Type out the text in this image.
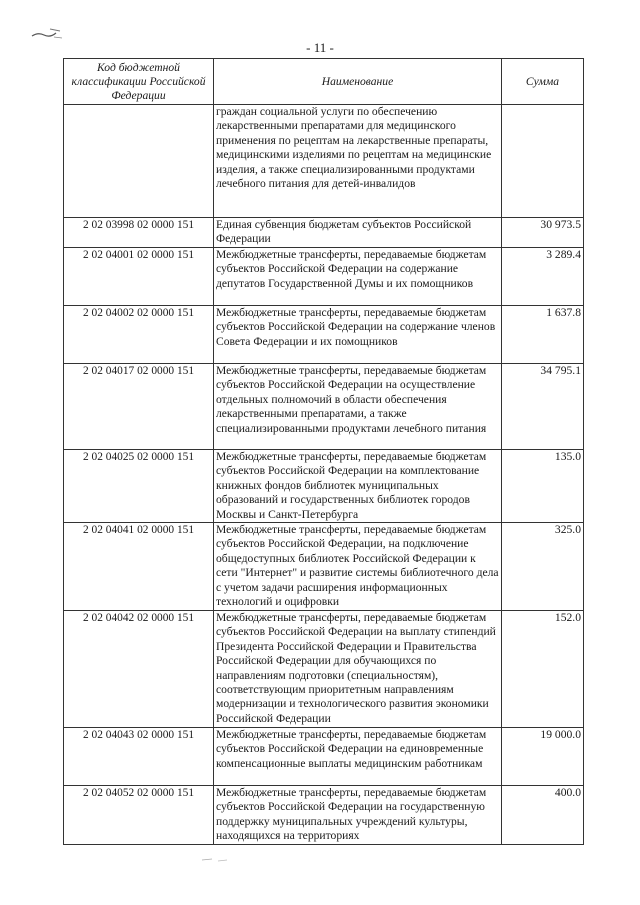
- 11 -
Код бюджетной классификации Российской Федерации	Наименование	Сумма
	граждан социальной услуги по обеспечению лекарственными препаратами для медицинского применения по рецептам на лекарственные препараты, медицинскими изделиями по рецептам на медицинские изделия, а также специализированными продуктами лечебного питания для детей-инвалидов	
2 02 03998 02 0000 151	Единая субвенция бюджетам субъектов Российской Федерации	30 973.5
2 02 04001 02 0000 151	Межбюджетные трансферты, передаваемые бюджетам субъектов Российской Федерации на содержание депутатов Государственной Думы и их помощников	3 289.4
2 02 04002 02 0000 151	Межбюджетные трансферты, передаваемые бюджетам субъектов Российской Федерации на содержание членов Совета Федерации и их помощников	1 637.8
2 02 04017 02 0000 151	Межбюджетные трансферты, передаваемые бюджетам субъектов Российской Федерации на осуществление отдельных полномочий в области обеспечения лекарственными препаратами, а также специализированными продуктами лечебного питания	34 795.1
2 02 04025 02 0000 151	Межбюджетные трансферты, передаваемые бюджетам субъектов Российской Федерации на комплектование книжных фондов библиотек муниципальных образований и государственных библиотек городов Москвы и Санкт-Петербурга	135.0
2 02 04041 02 0000 151	Межбюджетные трансферты, передаваемые бюджетам субъектов Российской Федерации, на подключение общедоступных библиотек Российской Федерации к сети "Интернет" и развитие системы библиотечного дела с учетом задачи расширения информационных технологий и оцифровки	325.0
2 02 04042 02 0000 151	Межбюджетные трансферты, передаваемые бюджетам субъектов Российской Федерации на выплату стипендий Президента Российской Федерации и Правительства Российской Федерации для обучающихся по направлениям подготовки (специальностям), соответствующим приоритетным направлениям модернизации и технологического развития экономики Российской Федерации	152.0
2 02 04043 02 0000 151	Межбюджетные трансферты, передаваемые бюджетам субъектов Российской Федерации на единовременные компенсационные выплаты медицинским работникам	19 000.0
2 02 04052 02 0000 151	Межбюджетные трансферты, передаваемые бюджетам субъектов Российской Федерации на государственную поддержку муниципальных учреждений культуры, находящихся на территориях	400.0
